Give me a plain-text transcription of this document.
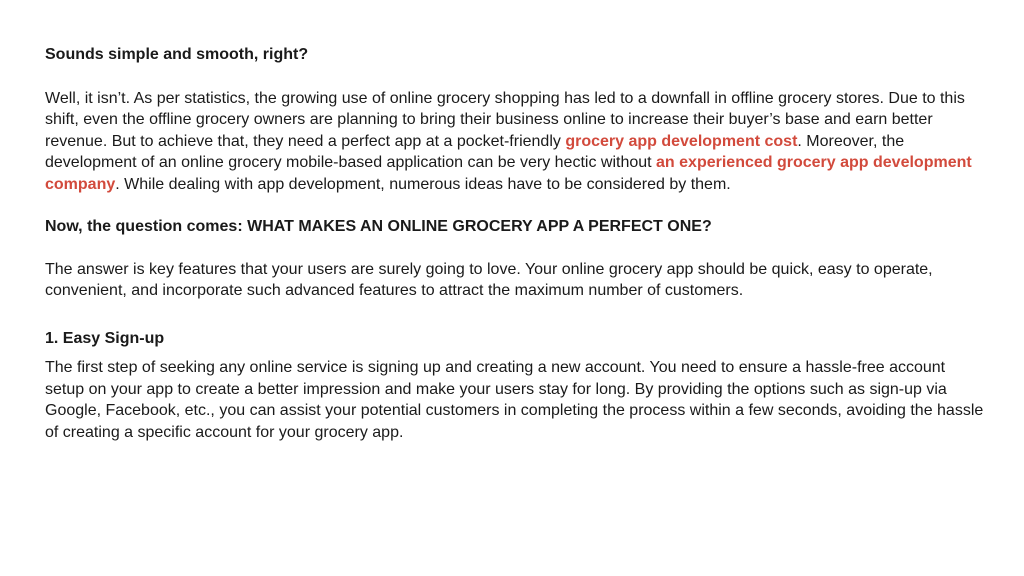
Sounds simple and smooth, right?

Well, it isn’t. As per statistics, the growing use of online grocery shopping has led to a downfall in offline grocery stores. Due to this shift, even the offline grocery owners are planning to bring their business online to increase their buyer’s base and earn better revenue. But to achieve that, they need a perfect app at a pocket-friendly grocery app development cost. Moreover, the development of an online grocery mobile-based application can be very hectic without an experienced grocery app development company. While dealing with app development, numerous ideas have to be considered by them.

Now, the question comes: WHAT MAKES AN ONLINE GROCERY APP A PERFECT ONE?

The answer is key features that your users are surely going to love. Your online grocery app should be quick, easy to operate, convenient, and incorporate such advanced features to attract the maximum number of customers.

1. Easy Sign-up

The first step of seeking any online service is signing up and creating a new account. You need to ensure a hassle-free account setup on your app to create a better impression and make your users stay for long. By providing the options such as sign-up via Google, Facebook, etc., you can assist your potential customers in completing the process within a few seconds, avoiding the hassle of creating a specific account for your grocery app.
